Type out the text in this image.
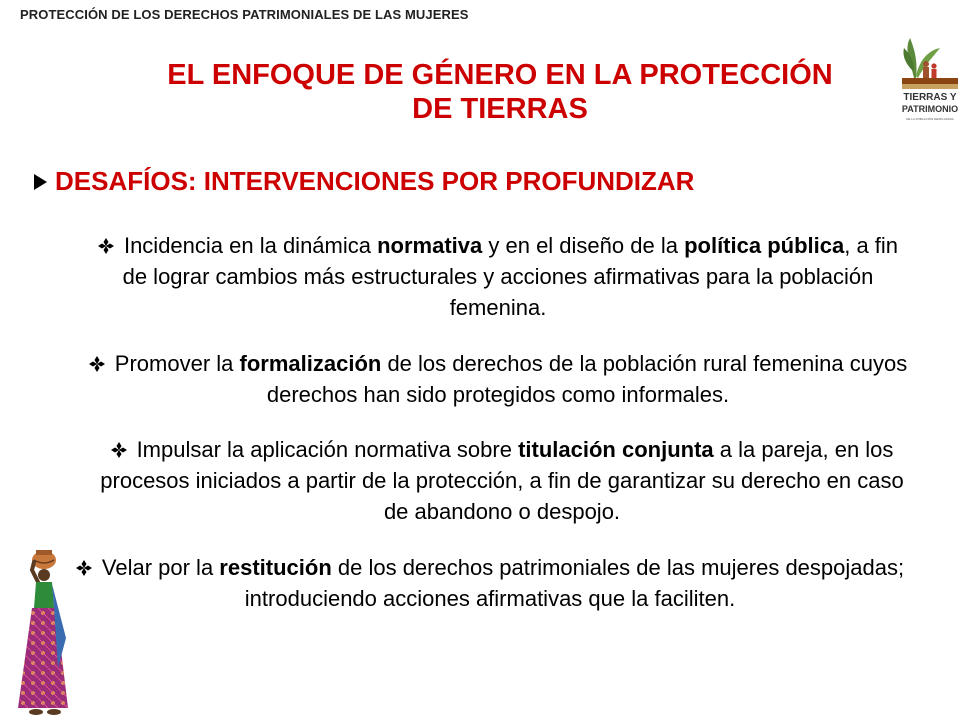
PROTECCIÓN DE LOS DERECHOS PATRIMONIALES DE LAS MUJERES
EL ENFOQUE DE GÉNERO EN LA PROTECCIÓN
DE TIERRAS	TIERRAS Y
PATRIMONIO
DE LA POBLACIÓN DESPLAZADA
DESAFÍOS: INTERVENCIONES POR PROFUNDIZAR
Incidencia en la dinámica normativa y en el diseño de la política pública, a fin de lograr cambios más estructurales y acciones afirmativas para la población femenina.
Promover la formalización de los derechos de la población rural femenina cuyos derechos han sido protegidos como informales.
Impulsar la aplicación normativa sobre titulación conjunta a la pareja, en los procesos iniciados a partir de la protección, a fin de garantizar su derecho en caso de abandono o despojo.
Velar por la restitución de los derechos patrimoniales de las mujeres despojadas; introduciendo acciones afirmativas que la faciliten.
